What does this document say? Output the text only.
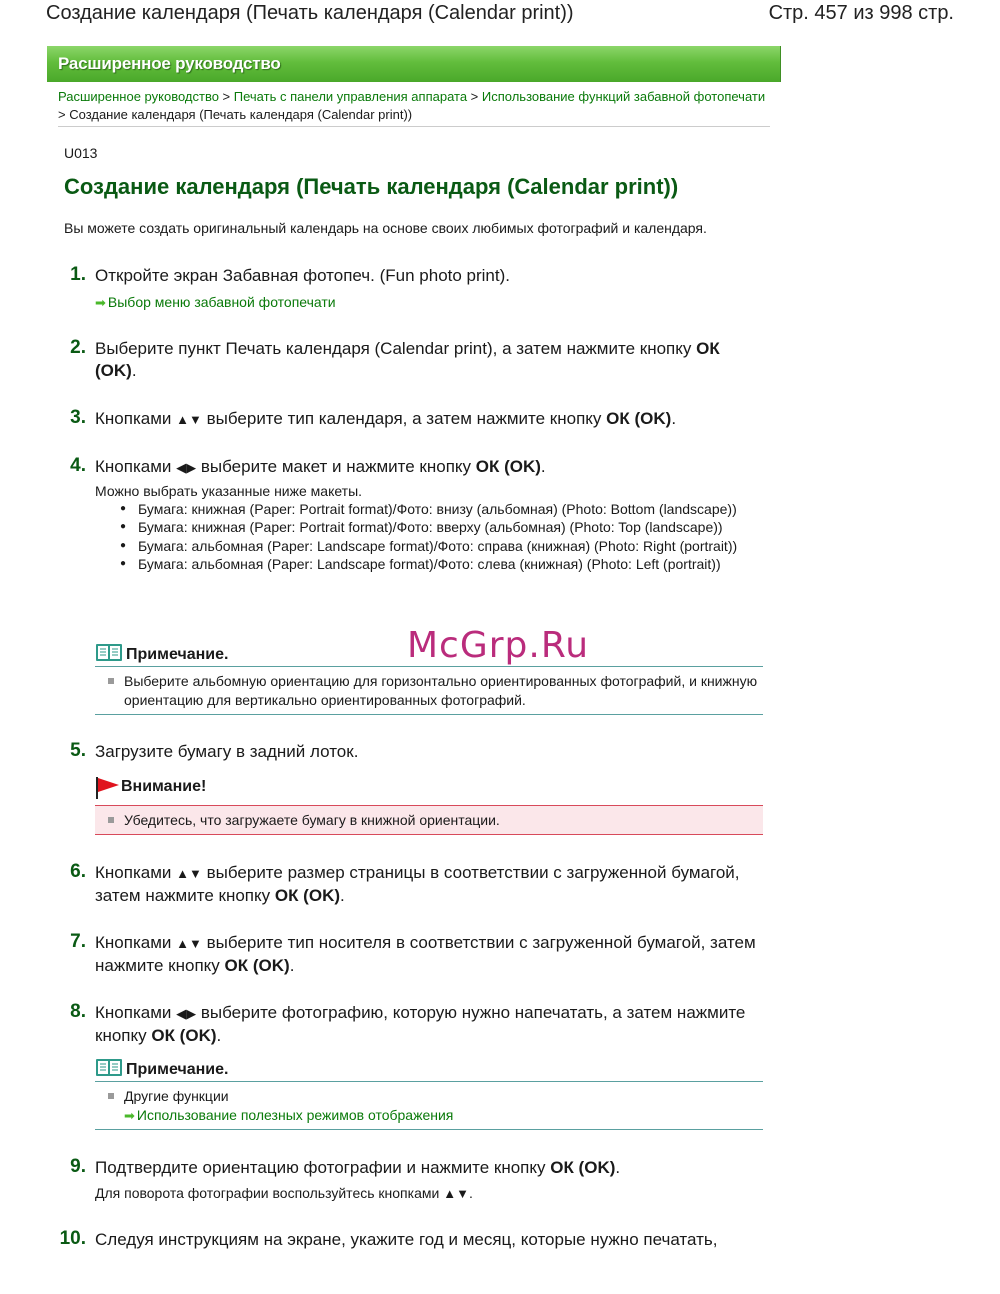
Создание календаря (Печать календаря (Calendar print))	Стр. 457 из 998 стр.
Расширенное руководство
Расширенное руководство > Печать с панели управления аппарата > Использование функций забавной фотопечати > Создание календаря (Печать календаря (Calendar print))
U013
Создание календаря (Печать календаря (Calendar print))
Вы можете создать оригинальный календарь на основе своих любимых фотографий и календаря.
1. Откройте экран Забавная фотопеч. (Fun photo print).
➡ Выбор меню забавной фотопечати
2. Выберите пункт Печать календаря (Calendar print), а затем нажмите кнопку ОК (OK).
3. Кнопками ▲▼ выберите тип календаря, а затем нажмите кнопку ОК (OK).
4. Кнопками ◀▶ выберите макет и нажмите кнопку ОК (OK).
Можно выбрать указанные ниже макеты.
● Бумага: книжная (Paper: Portrait format)/Фото: внизу (альбомная) (Photo: Bottom (landscape))
● Бумага: книжная (Paper: Portrait format)/Фото: вверху (альбомная) (Photo: Top (landscape))
● Бумага: альбомная (Paper: Landscape format)/Фото: справа (книжная) (Photo: Right (portrait))
● Бумага: альбомная (Paper: Landscape format)/Фото: слева (книжная) (Photo: Left (portrait))
Примечание.
Выберите альбомную ориентацию для горизонтально ориентированных фотографий, и книжную ориентацию для вертикально ориентированных фотографий.
5. Загрузите бумагу в задний лоток.
Внимание!
Убедитесь, что загружаете бумагу в книжной ориентации.
6. Кнопками ▲▼ выберите размер страницы в соответствии с загруженной бумагой, затем нажмите кнопку ОК (OK).
7. Кнопками ▲▼ выберите тип носителя в соответствии с загруженной бумагой, затем нажмите кнопку ОК (OK).
8. Кнопками ◀▶ выберите фотографию, которую нужно напечатать, а затем нажмите кнопку ОК (OK).
Примечание.
Другие функции
➡ Использование полезных режимов отображения
9. Подтвердите ориентацию фотографии и нажмите кнопку ОК (OK).
Для поворота фотографии воспользуйтесь кнопками ▲▼.
10. Следуя инструкциям на экране, укажите год и месяц, которые нужно печатать,
McGrp.Ru
